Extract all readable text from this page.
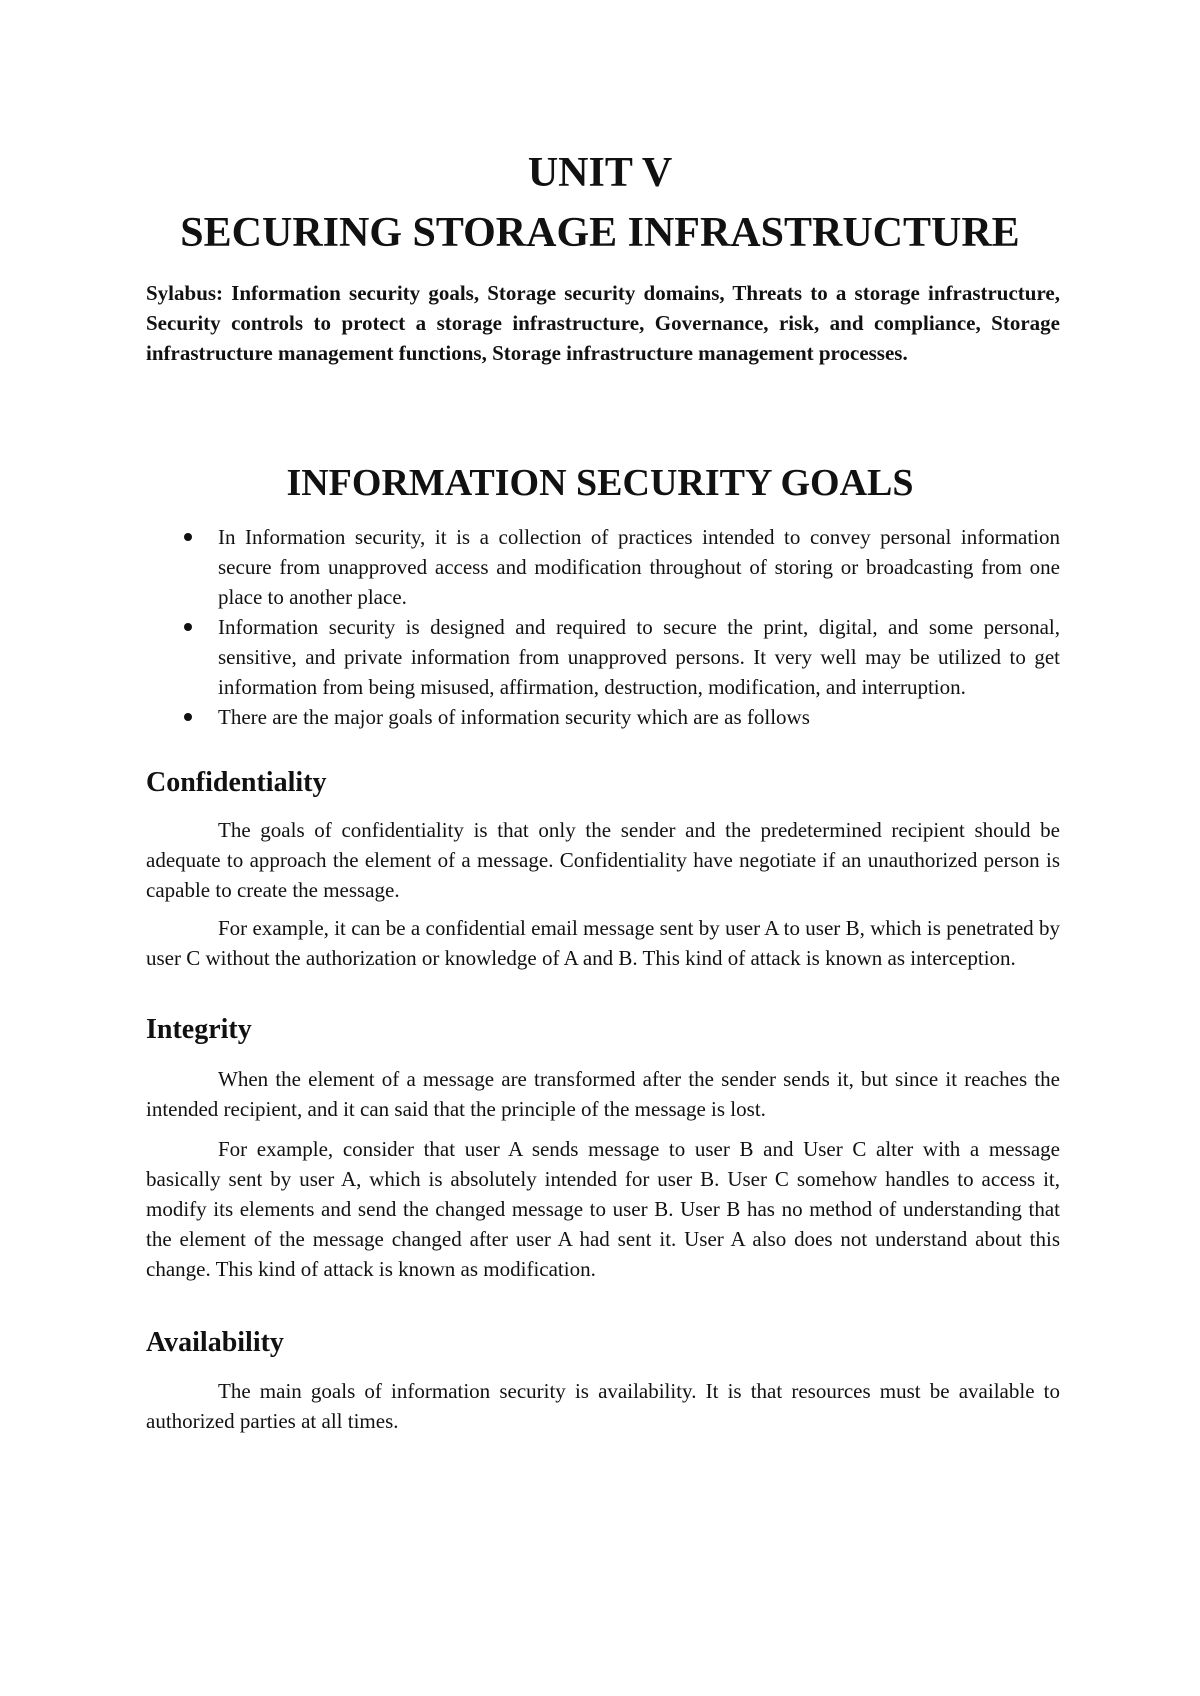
UNIT V
SECURING STORAGE INFRASTRUCTURE

Sylabus: Information security goals, Storage security domains, Threats to a storage infrastructure, Security controls to protect a storage infrastructure, Governance, risk, and compliance, Storage infrastructure management functions, Storage infrastructure management processes.

INFORMATION SECURITY GOALS
In Information security, it is a collection of practices intended to convey personal information secure from unapproved access and modification throughout of storing or broadcasting from one place to another place.
Information security is designed and required to secure the print, digital, and some personal, sensitive, and private information from unapproved persons. It very well may be utilized to get information from being misused, affirmation, destruction, modification, and interruption.
There are the major goals of information security which are as follows
Confidentiality

The goals of confidentiality is that only the sender and the predetermined recipient should be adequate to approach the element of a message. Confidentiality have negotiate if an unauthorized person is capable to create the message.

For example, it can be a confidential email message sent by user A to user B, which is penetrated by user C without the authorization or knowledge of A and B. This kind of attack is known as interception.

Integrity

When the element of a message are transformed after the sender sends it, but since it reaches the intended recipient, and it can said that the principle of the message is lost.

For example, consider that user A sends message to user B and User C alter with a message basically sent by user A, which is absolutely intended for user B. User C somehow handles to access it, modify its elements and send the changed message to user B. User B has no method of understanding that the element of the message changed after user A had sent it. User A also does not understand about this change. This kind of attack is known as modification.

Availability

The main goals of information security is availability. It is that resources must be available to authorized parties at all times.
